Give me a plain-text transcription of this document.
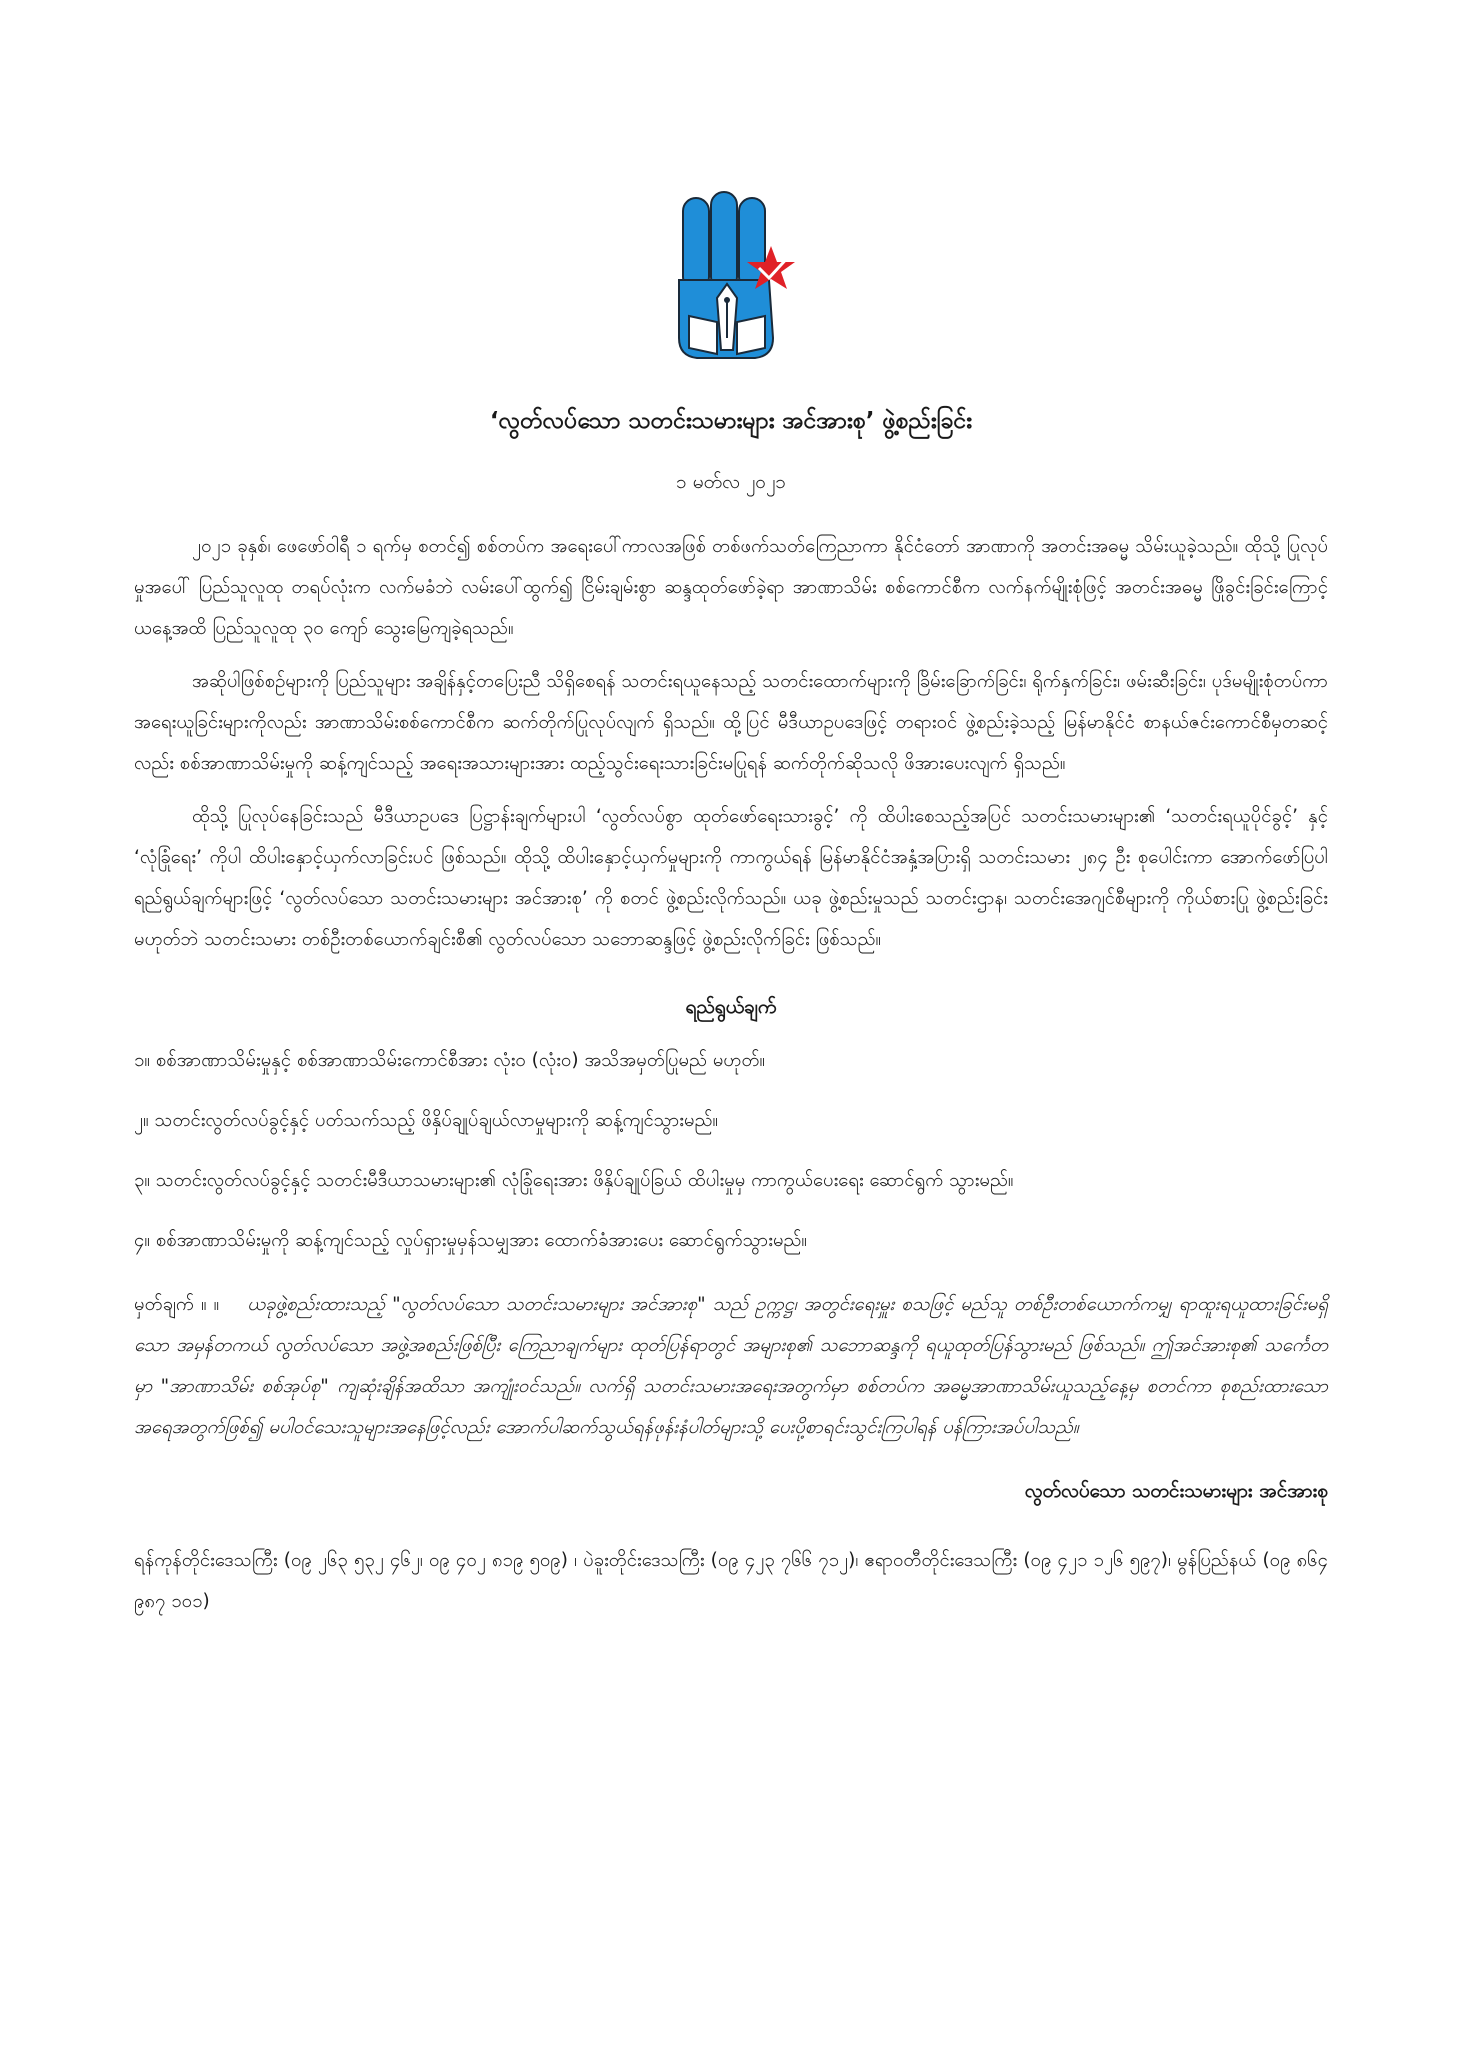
‘လွတ်လပ်သော သတင်းသမားများ အင်အားစု’ ဖွဲ့စည်းခြင်း
၁ မတ်လ ၂၀၂၁

၂၀၂၁ ခုနှစ်၊ ဖေဖော်ဝါရီ ၁ ရက်မှ စတင်၍ စစ်တပ်က အရေးပေါ်ကာလအဖြစ် တစ်ဖက်သတ်ကြေညာကာ နိုင်ငံတော် အာဏာကို အတင်းအဓမ္မ သိမ်းယူခဲ့သည်။ ထိုသို့ ပြုလုပ်မှုအပေါ် ပြည်သူလူထု တရပ်လုံးက လက်မခံဘဲ လမ်းပေါ်ထွက်၍ ငြိမ်းချမ်းစွာ ဆန္ဒထုတ်ဖော်ခဲ့ရာ အာဏာသိမ်း စစ်ကောင်စီက လက်နက်မျိုးစုံဖြင့် အတင်းအဓမ္မ ဖြိုခွင်းခြင်းကြောင့် ယနေ့အထိ ပြည်သူလူထု ၃၀ ကျော် သွေးမြေကျခဲ့ရသည်။

အဆိုပါဖြစ်စဉ်များကို ပြည်သူများ အချိန်နှင့်တပြေးညီ သိရှိစေရန် သတင်းရယူနေသည့် သတင်းထောက်များကို ခြိမ်းခြောက်ခြင်း၊ ရိုက်နှက်ခြင်း၊ ဖမ်းဆီးခြင်း၊ ပုဒ်မမျိုးစုံတပ်ကာ အရေးယူခြင်းများကိုလည်း အာဏာသိမ်းစစ်ကောင်စီက ဆက်တိုက်ပြုလုပ်လျက် ရှိသည်။ ထို့ပြင် မီဒီယာဥပဒေဖြင့် တရားဝင် ဖွဲ့စည်းခဲ့သည့် မြန်မာနိုင်ငံ စာနယ်ဇင်းကောင်စီမှတဆင့်လည်း စစ်အာဏာသိမ်းမှုကို ဆန့်ကျင်သည့် အရေးအသားများအား ထည့်သွင်းရေးသားခြင်းမပြုရန် ဆက်တိုက်ဆိုသလို ဖိအားပေးလျက် ရှိသည်။

ထိုသို့ ပြုလုပ်နေခြင်းသည် မီဒီယာဥပဒေ ပြဋ္ဌာန်းချက်များပါ ‘လွတ်လပ်စွာ ထုတ်ဖော်ရေးသားခွင့်’ ကို ထိပါးစေသည့်အပြင် သတင်းသမားများ၏ ‘သတင်းရယူပိုင်ခွင့်’ နှင့် ‘လုံခြုံရေး’ ကိုပါ ထိပါးနှောင့်ယှက်လာခြင်းပင် ဖြစ်သည်။ ထိုသို့ ထိပါးနှောင့်ယှက်မှုများကို ကာကွယ်ရန် မြန်မာနိုင်ငံအနှံ့အပြားရှိ သတင်းသမား ၂၈၄ ဦး စုပေါင်းကာ အောက်ဖော်ပြပါ ရည်ရွယ်ချက်များဖြင့် ‘လွတ်လပ်သော သတင်းသမားများ အင်အားစု’ ကို စတင် ဖွဲ့စည်းလိုက်သည်။ ယခု ဖွဲ့စည်းမှုသည် သတင်းဌာန၊ သတင်းအေဂျင်စီများကို ကိုယ်စားပြု ဖွဲ့စည်းခြင်းမဟုတ်ဘဲ သတင်းသမား တစ်ဦးတစ်ယောက်ချင်းစီ၏ လွတ်လပ်သော သဘောဆန္ဒဖြင့် ဖွဲ့စည်းလိုက်ခြင်း ဖြစ်သည်။

ရည်ရွယ်ချက်
၁။ စစ်အာဏာသိမ်းမှုနှင့် စစ်အာဏာသိမ်းကောင်စီအား လုံး၀ (လုံး၀) အသိအမှတ်ပြုမည် မဟုတ်။
၂။ သတင်းလွတ်လပ်ခွင့်နှင့် ပတ်သက်သည့် ဖိနှိပ်ချုပ်ချယ်လာမှုများကို ဆန့်ကျင်သွားမည်။
၃။ သတင်းလွတ်လပ်ခွင့်နှင့် သတင်းမီဒီယာသမားများ၏ လုံခြုံရေးအား ဖိနှိပ်ချုပ်ခြယ် ထိပါးမှုမှ ကာကွယ်ပေးရေး ဆောင်ရွက် သွားမည်။
၄။ စစ်အာဏာသိမ်းမှုကို ဆန့်ကျင်သည့် လှုပ်ရှားမှုမှန်သမျှအား ထောက်ခံအားပေး ဆောင်ရွက်သွားမည်။

မှတ်ချက် ။ ။ ယခုဖွဲ့စည်းထားသည့် "လွတ်လပ်သော သတင်းသမားများ အင်အားစု" သည် ဥက္ကဋ္ဌ၊ အတွင်းရေးမှူး စသဖြင့် မည်သူ တစ်ဦးတစ်ယောက်ကမျှ ရာထူးရယူထားခြင်းမရှိသော အမှန်တကယ် လွတ်လပ်သော အဖွဲ့အစည်းဖြစ်ပြီး ကြေညာချက်များ ထုတ်ပြန်ရာတွင် အများစု၏ သဘောဆန္ဒကို ရယူထုတ်ပြန်သွားမည် ဖြစ်သည်။ ဤအင်အားစု၏ သင်္ကေတမှာ "အာဏာသိမ်း စစ်အုပ်စု" ကျဆုံးချိန်အထိသာ အကျုံးဝင်သည်။ လက်ရှိ သတင်းသမားအရေးအတွက်မှာ စစ်တပ်က အဓမ္မအာဏာသိမ်းယူသည့်နေ့မှ စတင်ကာ စုစည်းထားသော အရေအတွက်ဖြစ်၍ မပါဝင်သေးသူများအနေဖြင့်လည်း အောက်ပါဆက်သွယ်ရန်ဖုန်းနံပါတ်များသို့ ပေးပို့စာရင်းသွင်းကြပါရန် ပန်ကြားအပ်ပါသည်။

လွတ်လပ်သော သတင်းသမားများ အင်အားစု

ရန်ကုန်တိုင်းဒေသကြီး (၀၉ ၂၆၃ ၅၃၂ ၄၆၂၊ ၀၉ ၄၀၂ ၈၁၉ ၅၀၉) ၊ ပဲခူးတိုင်းဒေသကြီး (၀၉ ၄၂၃ ၇၆၆ ၇၁၂)၊ ဧရာဝတီတိုင်းဒေသကြီး (၀၉ ၄၂၁ ၁၂၆ ၅၉၇)၊ မွန်ပြည်နယ် (၀၉ ၈၆၄ ၉၈၇ ၁၀၁)
